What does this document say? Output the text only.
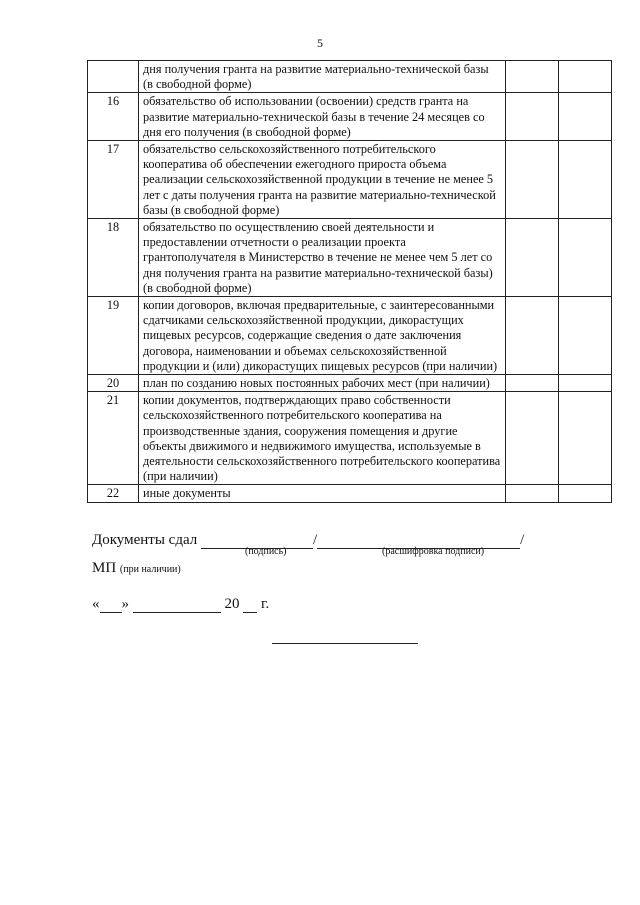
5
	дня получения гранта на развитие материально-технической базы (в свободной форме)		
16	обязательство об использовании (освоении) средств гранта на развитие материально-технической базы в течение 24 месяцев со дня его получения (в свободной форме)		
17	обязательство сельскохозяйственного потребительского кооператива об обеспечении ежегодного прироста объема реализации сельскохозяйственной продукции в течение не менее 5 лет с даты получения гранта на развитие материально-технической базы (в свободной форме)		
18	обязательство по осуществлению своей деятельности и предоставлении отчетности о реализации проекта грантополучателя в Министерство в течение не менее чем 5 лет со дня получения гранта на развитие материально-технической базы) (в свободной форме)		
19	копии договоров, включая предварительные, с заинтересованными сдатчиками сельскохозяйственной продукции, дикорастущих пищевых ресурсов, содержащие сведения о дате заключения договора, наименовании и объемах сельскохозяйственной продукции и (или) дикорастущих пищевых ресурсов (при наличии)		
20	план по созданию новых постоянных рабочих мест (при наличии)		
21	копии документов, подтверждающих право собственности сельскохозяйственного потребительского кооператива на производственные здания, сооружения помещения и другие объекты движимого и недвижимого имущества, используемые в деятельности сельскохозяйственного потребительского кооператива (при наличии)		
22	иные документы		
Документы сдал	/	/
(подпись)	(расшифровка подписи)
МП (при наличии)
« »	20 г.
